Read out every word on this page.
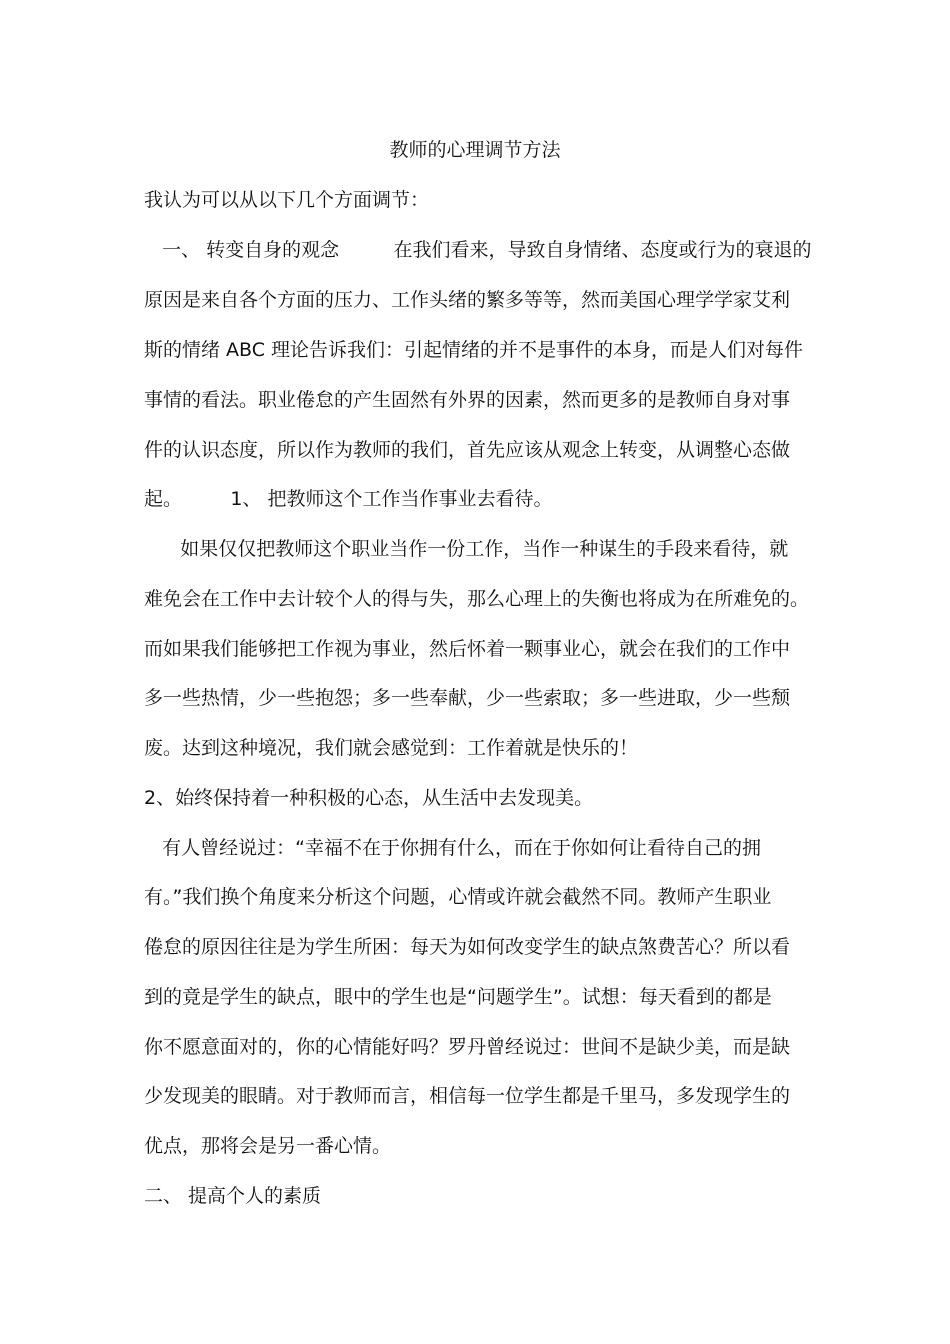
教师的心理调节方法
我认为可以从以下几个方面调节：
一、 转变自身的观念         在我们看来，导致自身情绪、态度或行为的衰退的
原因是来自各个方面的压力、工作头绪的繁多等等，然而美国心理学学家艾利
斯的情绪 ABC 理论告诉我们：引起情绪的并不是事件的本身，而是人们对每件
事情的看法。职业倦怠的产生固然有外界的因素，然而更多的是教师自身对事
件的认识态度，所以作为教师的我们，首先应该从观念上转变，从调整心态做
起。        1、 把教师这个工作当作事业去看待。
如果仅仅把教师这个职业当作一份工作，当作一种谋生的手段来看待，就
难免会在工作中去计较个人的得与失，那么心理上的失衡也将成为在所难免的。
而如果我们能够把工作视为事业，然后怀着一颗事业心，就会在我们的工作中
多一些热情，少一些抱怨；多一些奉献，少一些索取；多一些进取，少一些颓
废。达到这种境况，我们就会感觉到：工作着就是快乐的！
2、始终保持着一种积极的心态，从生活中去发现美。
有人曾经说过：“幸福不在于你拥有什么，而在于你如何让看待自己的拥
有。”我们换个角度来分析这个问题，心情或许就会截然不同。教师产生职业
倦怠的原因往往是为学生所困：每天为如何改变学生的缺点煞费苦心？所以看
到的竟是学生的缺点，眼中的学生也是“问题学生”。试想：每天看到的都是
你不愿意面对的，你的心情能好吗？罗丹曾经说过：世间不是缺少美，而是缺
少发现美的眼睛。对于教师而言，相信每一位学生都是千里马，多发现学生的
优点，那将会是另一番心情。
二、 提高个人的素质
